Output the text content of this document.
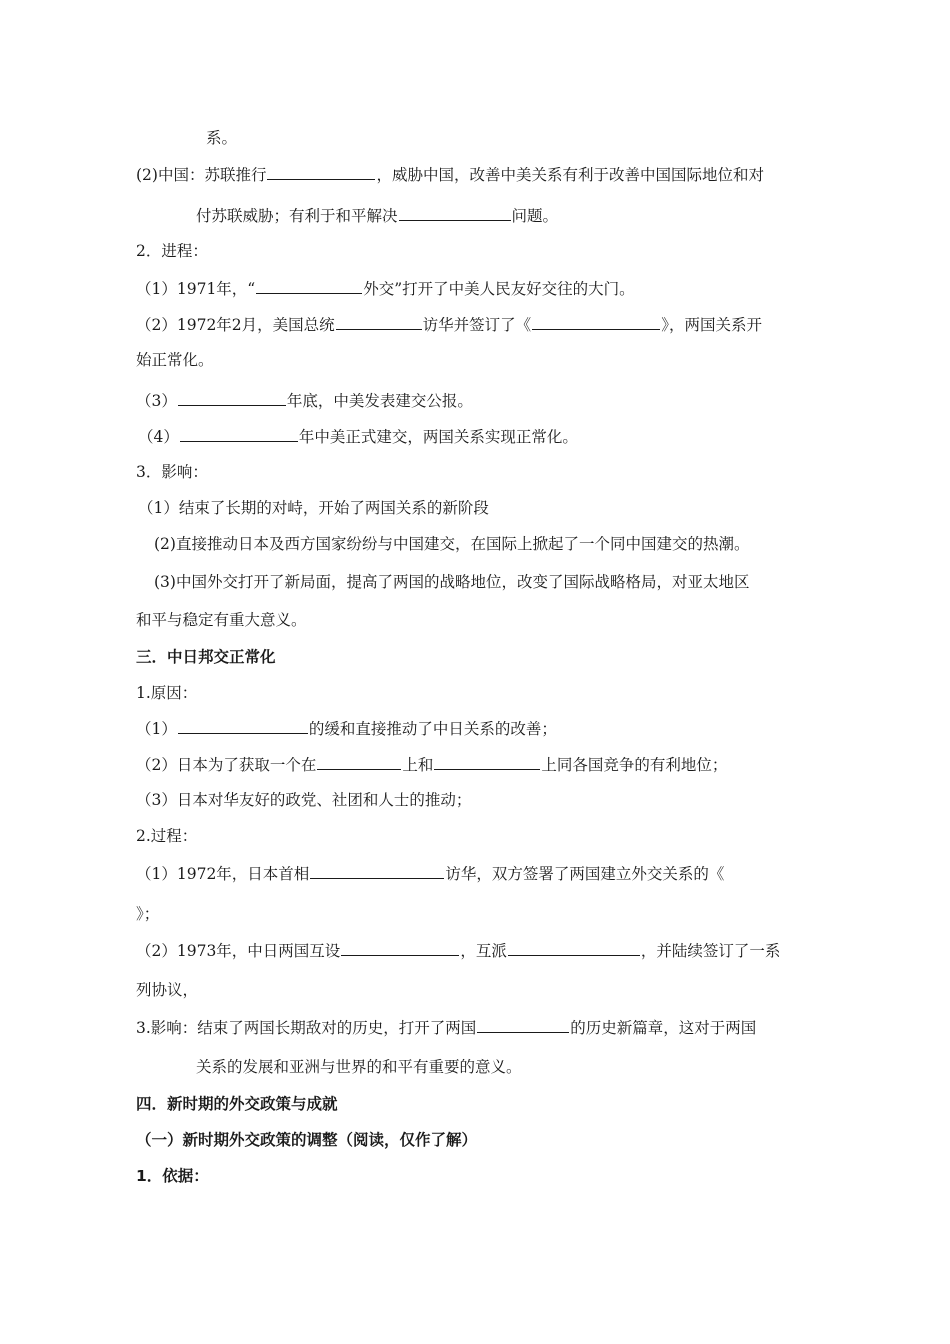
系。
(2)中国：苏联推行	，威胁中国，改善中美关系有利于改善中国国际地位和对
付苏联威胁；有利于和平解决	问题。
2．进程：
（1）1971年，“	外交”打开了中美人民友好交往的大门。
（2）1972年2月，美国总统	访华并签订了《	》，两国关系开
始正常化。
（3）	年底，中美发表建交公报。
（4）	年中美正式建交，两国关系实现正常化。
3．影响：
（1）结束了长期的对峙，开始了两国关系的新阶段
(2)直接推动日本及西方国家纷纷与中国建交，在国际上掀起了一个同中国建交的热潮。
(3)中国外交打开了新局面，提高了两国的战略地位，改变了国际战略格局，对亚太地区
和平与稳定有重大意义。
三．中日邦交正常化
1.原因：
（1）	的缓和直接推动了中日关系的改善；
（2）日本为了获取一个在	上和	上同各国竞争的有利地位；
（3）日本对华友好的政党、社团和人士的推动；
2.过程：
（1）1972年，日本首相	访华，双方签署了两国建立外交关系的《
》；
（2）1973年，中日两国互设	，互派	，并陆续签订了一系
列协议，
3.影响：结束了两国长期敌对的历史，打开了两国	的历史新篇章，这对于两国
关系的发展和亚洲与世界的和平有重要的意义。
四．新时期的外交政策与成就
（一）新时期外交政策的调整（阅读，仅作了解）
1．依据：
